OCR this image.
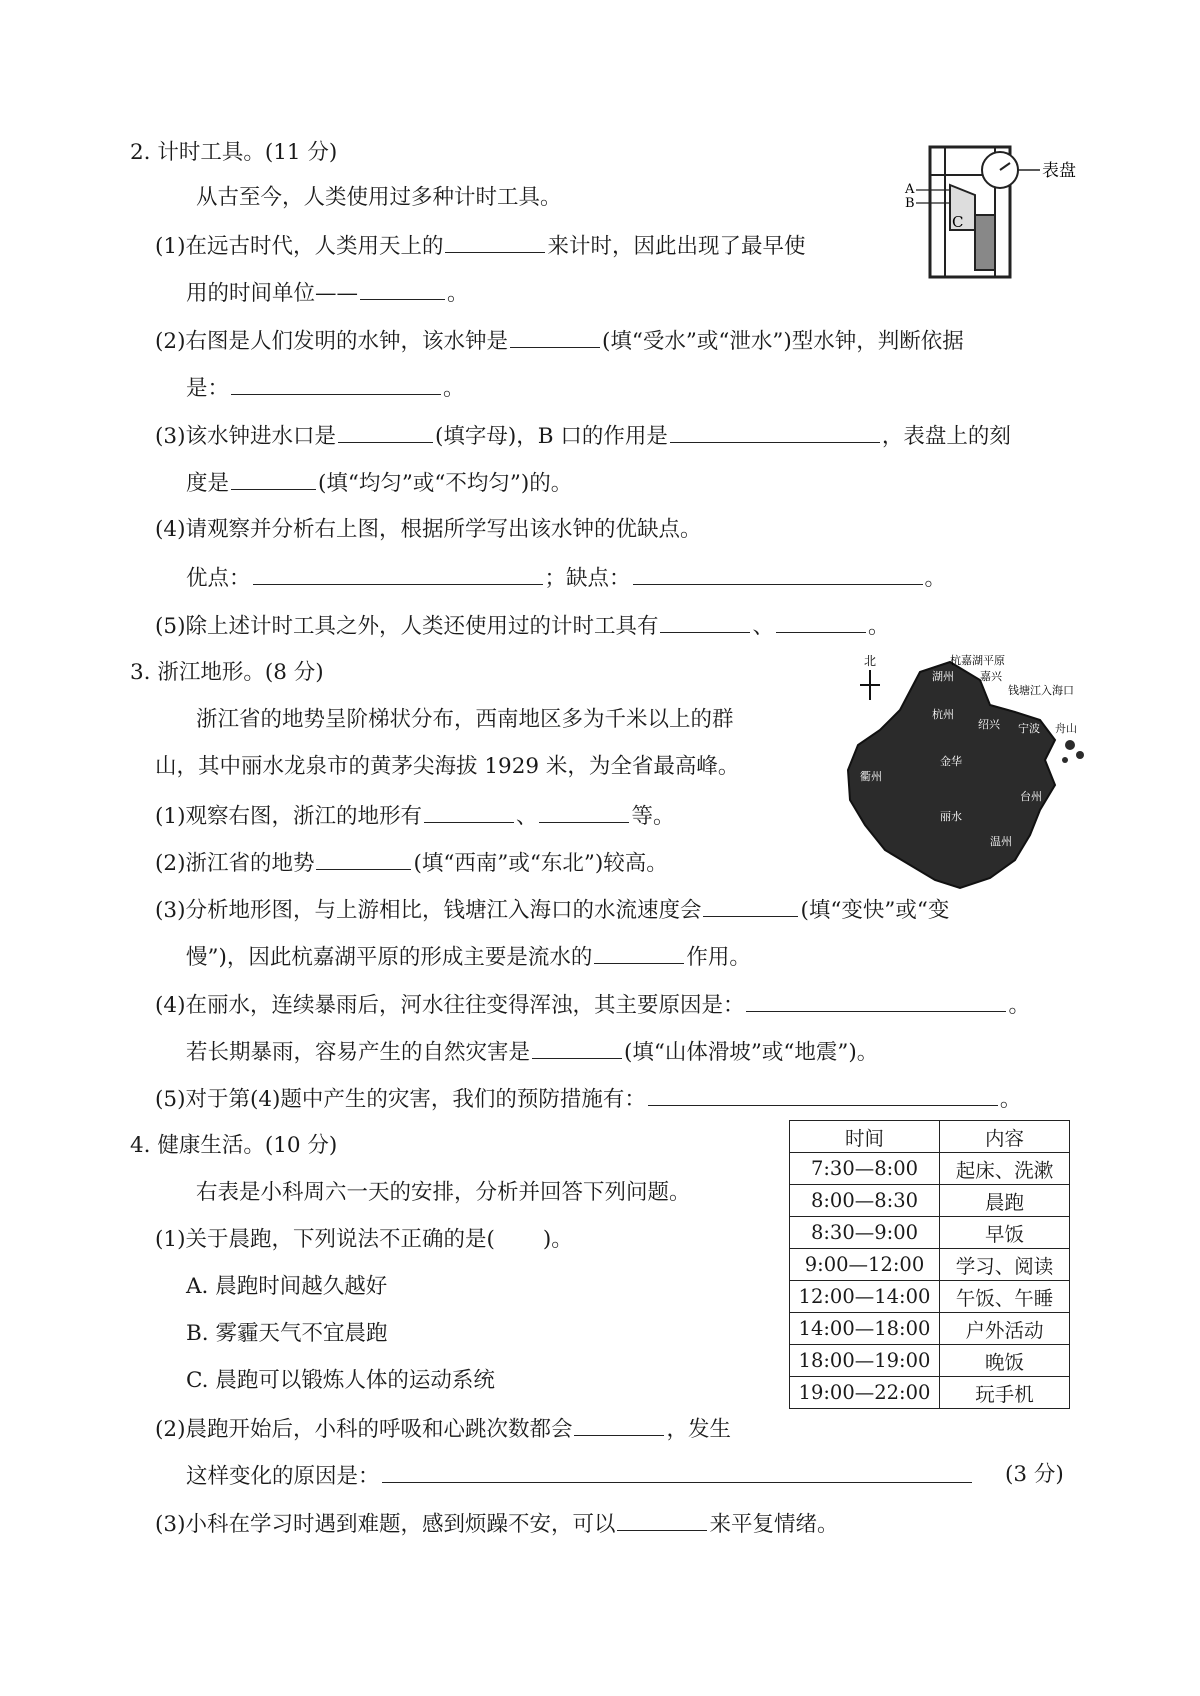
2. 计时工具。(11 分)
从古至今，人类使用过多种计时工具。
(1)在远古时代，人类用天上的	来计时，因此出现了最早使
用的时间单位——	。
(2)右图是人们发明的水钟，该水钟是	(填“受水”或“泄水”)型水钟，判断依据
是：	。
(3)该水钟进水口是	(填字母)，B 口的作用是	，表盘上的刻
度是	(填“均匀”或“不均匀”)的。
(4)请观察并分析右上图，根据所学写出该水钟的优缺点。
优点：	；缺点：	。
(5)除上述计时工具之外，人类还使用过的计时工具有	、	。
表盘
A
B
C
3. 浙江地形。(8 分)
浙江省的地势呈阶梯状分布，西南地区多为千米以上的群
山，其中丽水龙泉市的黄茅尖海拔 1929 米，为全省最高峰。
(1)观察右图，浙江的地形有	、	等。
(2)浙江省的地势	(填“西南”或“东北”)较高。
(3)分析地形图，与上游相比，钱塘江入海口的水流速度会	(填“变快”或“变
慢”)，因此杭嘉湖平原的形成主要是流水的	作用。
(4)在丽水，连续暴雨后，河水往往变得浑浊，其主要原因是：	。
若长期暴雨，容易产生的自然灾害是	(填“山体滑坡”或“地震”)。
(5)对于第(4)题中产生的灾害，我们的预防措施有：	。
北	杭嘉湖平原
嘉兴
钱塘江入海口
湖州
杭州
绍兴	舟山
宁波
金华
衢州
台州
丽水
温州
4. 健康生活。(10 分)
右表是小科周六一天的安排，分析并回答下列问题。
(1)关于晨跑，下列说法不正确的是( )。
A. 晨跑时间越久越好
B. 雾霾天气不宜晨跑
C. 晨跑可以锻炼人体的运动系统
(2)晨跑开始后，小科的呼吸和心跳次数都会	，发生
这样变化的原因是：	(3 分)
(3)小科在学习时遇到难题，感到烦躁不安，可以	来平复情绪。
时间	内容
7:30—8:00	起床、洗漱
8:00—8:30	晨跑
8:30—9:00	早饭
9:00—12:00	学习、阅读
12:00—14:00	午饭、午睡
14:00—18:00	户外活动
18:00—19:00	晚饭
19:00—22:00	玩手机
